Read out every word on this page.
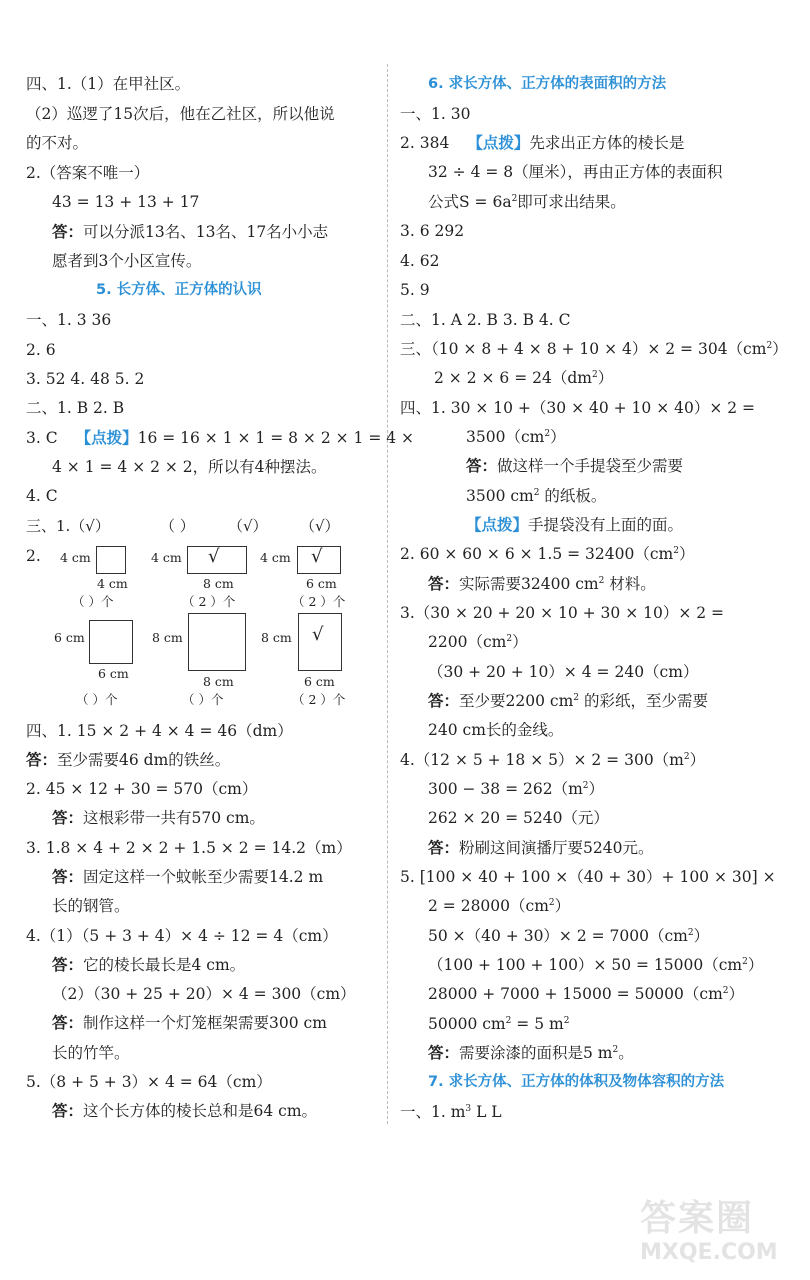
四、1.（1）在甲社区。
（2）巡逻了15次后，他在乙社区，所以他说
的不对。
2.（答案不唯一）
43 = 13 + 13 + 17
答：可以分派13名、13名、17名小小志
愿者到3个小区宣传。
5. 长方体、正方体的认识
一、1. 3 36
2. 6
3. 52 4. 48 5. 2
二、1. B 2. B
3. C 【点拨】16 = 16 × 1 × 1 = 8 × 2 × 1 = 4 ×
4 × 1 = 4 × 2 × 2，所以有4种摆法。
4. C
三、1.（√）	（ ） （√） （√）
2. 4 cm
4 cm
（ ）个
4 cm √
8 cm
（ 2 ）个
4 cm √
6 cm
（ 2 ）个
6 cm
6 cm
（ ）个
8 cm
8 cm
（ ）个
8 cm √
6 cm
（ 2 ）个
四、1. 15 × 2 + 4 × 4 = 46（dm）
答：至少需要46 dm的铁丝。
2. 45 × 12 + 30 = 570（cm）
答：这根彩带一共有570 cm。
3. 1.8 × 4 + 2 × 2 + 1.5 × 2 = 14.2（m）
答：固定这样一个蚊帐至少需要14.2 m
长的钢管。
4.（1）（5 + 3 + 4）× 4 ÷ 12 = 4（cm）
答：它的棱长最长是4 cm。
（2）（30 + 25 + 20）× 4 = 300（cm）
答：制作这样一个灯笼框架需要300 cm
长的竹竿。
5.（8 + 5 + 3）× 4 = 64（cm）
答：这个长方体的棱长总和是64 cm。
6. 求长方体、正方体的表面积的方法
一、1. 30
2. 384 【点拨】先求出正方体的棱长是
32 ÷ 4 = 8（厘米），再由正方体的表面积
公式$S = 6a^2$即可求出结果。
3. 6 292
4. 62
5. 9
二、1. A 2. B 3. B 4. C
三、$(10 \times 8 + 4 \times 8 + 10 \times 4)\times 2 = 304(cm^2)$
$2 \times 2 \times 6 = 24(dm^2)$
四、1. 30 × 10 +（30 × 40 + 10 × 40）× 2 =
$3500(cm^2)$
答：做这样一个手提袋至少需要
3500 $cm^2$ 的纸板。
【点拨】手提袋没有上面的面。
2. $60 \times 60 \times 6 \times 1.5 = 32400(cm^2)$
答：实际需要32400 $cm^2$ 材料。
3.（30 × 20 + 20 × 10 + 30 × 10）× 2 =
$2200(cm^2)$
（30 + 20 + 10）× 4 = 240（cm）
答：至少要2200 $cm^2$ 的彩纸，至少需要
240 cm长的金线。
$4.(12 \times 5 + 18 \times 5)\times 2 = 300(m^2)$
$300 - 38 = 262(m^2)$
262 × 20 = 5240（元）
答：粉刷这间演播厅要5240元。
5. [100 × 40 + 100 ×（40 + 30）+ 100 × 30] ×
$2 = 28000(cm^2)$
$50 \times(40 + 30)\times 2 = 7000(cm^2)$
$(100 + 100 + 100)\times 50 = 15000(cm^2)$
$28000 + 7000 + 15000 = 50000(cm^2)$
50000 $cm^2 = 5$ $m^2$
答：需要涂漆的面积是5 $m^2$。
7. 求长方体、正方体的体积及物体容积的方法
一、1. $m^3$ L L
答案圈
MXQE.COM
